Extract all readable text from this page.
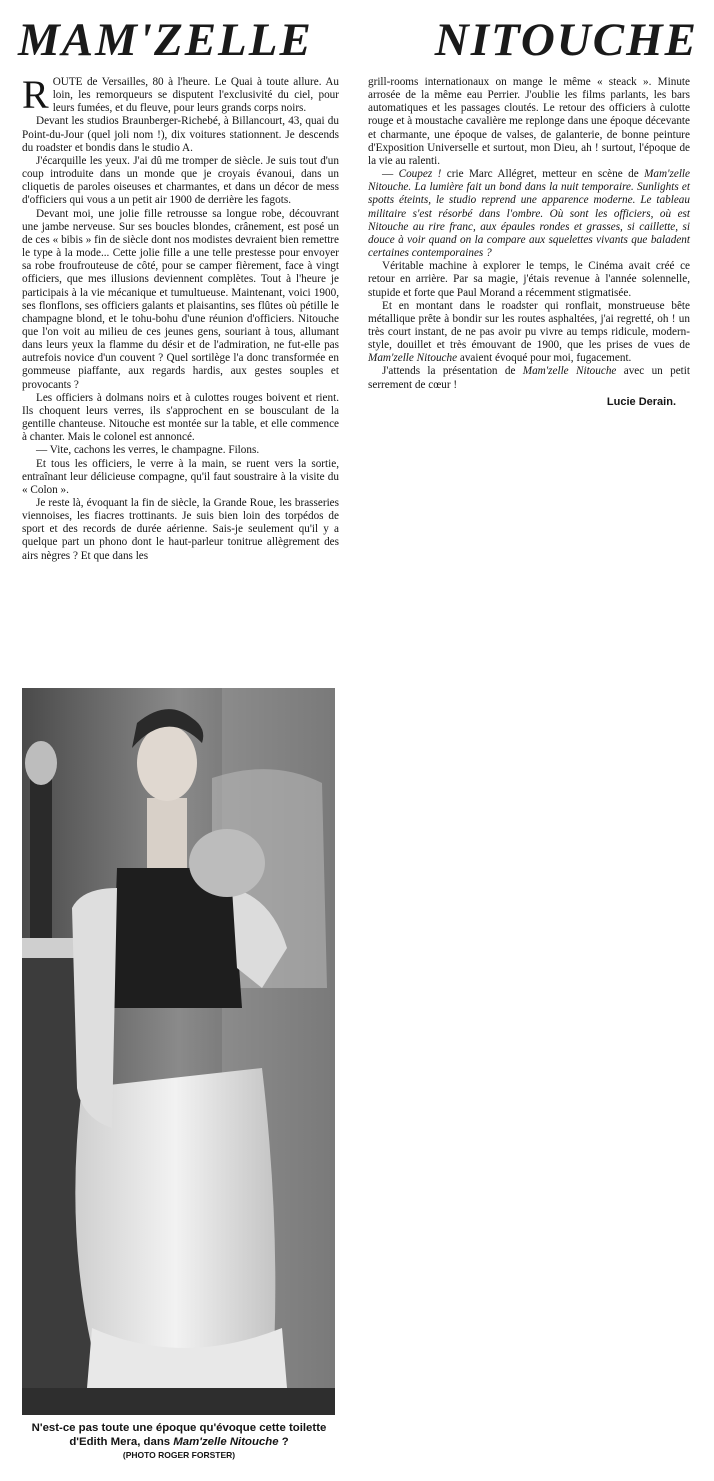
MAM'ZELLE	NITOUCHE

ROUTE de Versailles, 80 à l'heure. Le Quai à toute allure. Au loin, les remorqueurs se disputent l'exclusivité du ciel, pour leurs fumées, et du fleuve, pour leurs grands corps noirs.

Devant les studios Braunberger-Richebé, à Billancourt, 43, quai du Point-du-Jour (quel joli nom !), dix voitures stationnent. Je descends du roadster et bondis dans le studio A.

J'écarquille les yeux. J'ai dû me tromper de siècle. Je suis tout d'un coup introduite dans un monde que je croyais évanoui, dans un cliquetis de paroles oiseuses et charmantes, et dans un décor de mess d'officiers qui vous a un petit air 1900 de derrière les fagots.

Devant moi, une jolie fille retrousse sa longue robe, découvrant une jambe nerveuse. Sur ses boucles blondes, crânement, est posé un de ces « bibis » fin de siècle dont nos modistes devraient bien remettre le type à la mode... Cette jolie fille a une telle prestesse pour envoyer sa robe froufrouteuse de côté, pour se camper fièrement, face à vingt officiers, que mes illusions deviennent complètes. Tout à l'heure je participais à la vie mécanique et tumultueuse. Maintenant, voici 1900, ses flonflons, ses officiers galants et plaisantins, ses flûtes où pétille le champagne blond, et le tohu-bohu d'une réunion d'officiers. Nitouche que l'on voit au milieu de ces jeunes gens, souriant à tous, allumant dans leurs yeux la flamme du désir et de l'admiration, ne fut-elle pas autrefois novice d'un couvent ? Quel sortilège l'a donc transformée en gommeuse piaffante, aux regards hardis, aux gestes souples et provocants ?

Les officiers à dolmans noirs et à culottes rouges boivent et rient. Ils choquent leurs verres, ils s'approchent en se bousculant de la gentille chanteuse. Nitouche est montée sur la table, et elle commence à chanter. Mais le colonel est annoncé.

— Vite, cachons les verres, le champagne. Filons.

Et tous les officiers, le verre à la main, se ruent vers la sortie, entraînant leur délicieuse compagne, qu'il faut soustraire à la visite du « Colon ».

Je reste là, évoquant la fin de siècle, la Grande Roue, les brasseries viennoises, les fiacres trottinants. Je suis bien loin des torpédos de sport et des records de durée aérienne. Sais-je seulement qu'il y a quelque part un phono dont le haut-parleur tonitrue allègrement des airs nègres ? Et que dans les

grill-rooms internationaux on mange le même « steack ». Minute arrosée de la même eau Perrier. J'oublie les films parlants, les bars automatiques et les passages cloutés. Le retour des officiers à culotte rouge et à moustache cavalière me replonge dans une époque décevante et charmante, une époque de valses, de galanterie, de bonne peinture d'Exposition Universelle et surtout, mon Dieu, ah ! surtout, l'époque de la vie au ralenti.

— Coupez ! crie Marc Allégret, metteur en scène de Mam'zelle Nitouche. La lumière fait un bond dans la nuit temporaire. Sunlights et spotts éteints, le studio reprend une apparence moderne. Le tableau militaire s'est résorbé dans l'ombre. Où sont les officiers, où est Nitouche au rire franc, aux épaules rondes et grasses, si caillette, si douce à voir quand on la compare aux squelettes vivants que baladent certaines contemporaines ?

Véritable machine à explorer le temps, le Cinéma avait créé ce retour en arrière. Par sa magie, j'étais revenue à l'année solennelle, stupide et forte que Paul Morand a récemment stigmatisée.

Et en montant dans le roadster qui ronflait, monstrueuse bête métallique prête à bondir sur les routes asphaltées, j'ai regretté, oh ! un très court instant, de ne pas avoir pu vivre au temps ridicule, modern-style, douillet et très émouvant de 1900, que les prises de vues de Mam'zelle Nitouche avaient évoqué pour moi, fugacement.

J'attends la présentation de Mam'zelle Nitouche avec un petit serrement de cœur !

Lucie Derain.
N'est-ce pas toute une époque qu'évoque cette toilette d'Edith Mera, dans Mam'zelle Nitouche ?
(PHOTO ROGER FORSTER)
